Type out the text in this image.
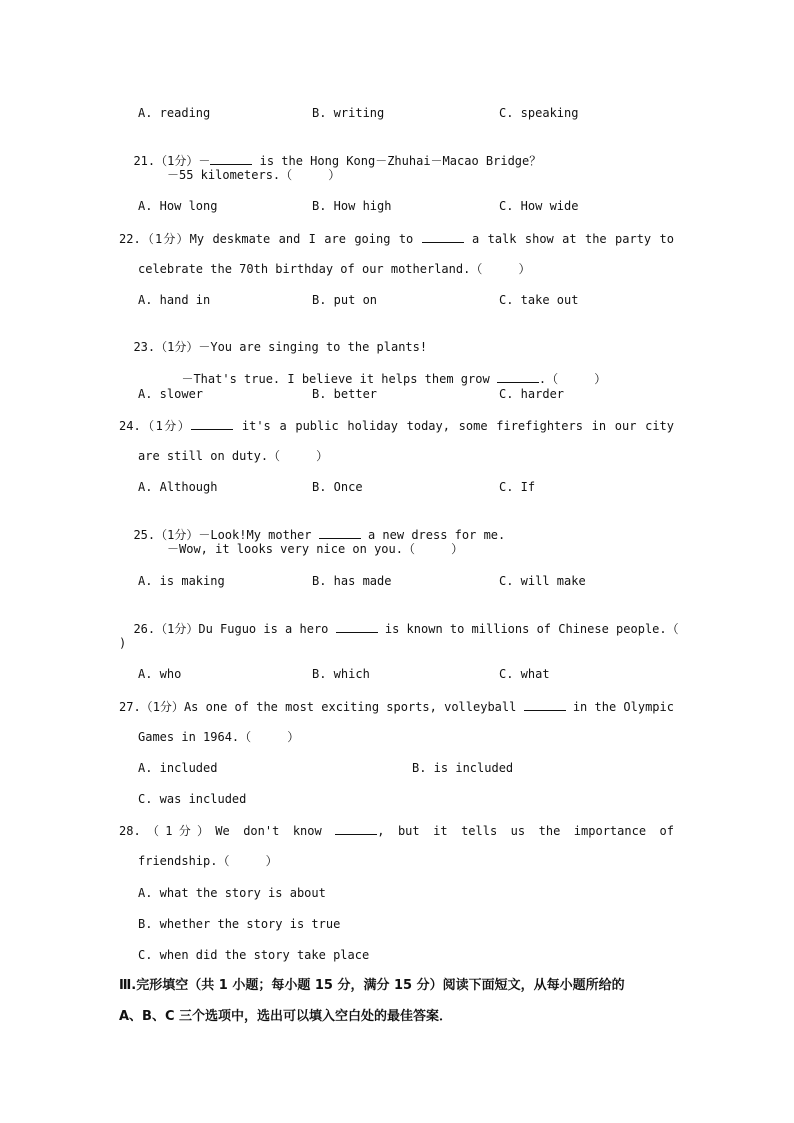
A. reading	B. writing	C. speaking

21.（1分）－	is the Hong Kong－Zhuhai－Macao Bridge？

－55 kilometers.（     ）
A. How long	B. How high	C. How wide
22.（1分）My deskmate and I are going to	a talk show at the party to
celebrate the 70th birthday of our motherland.（     ）
A. hand in	B. put on	C. take out

23.（1分）－You are singing to the plants!

－That's true. I believe it helps them grow	.（     ）

A. slower	B. better	C. harder
24.（1分）	it's a public holiday today, some firefighters in our city
are still on duty.（     ）
A. Although	B. Once	C. If

25.（1分）－Look!My mother	a new dress for me.

－Wow, it looks very nice on you.（     ）
A. is making	B. has made	C. will make

26.（1分）Du Fuguo is a hero	is known to millions of Chinese people.（

)
A. who	B. which	C. what
27.（1分）As one of the most exciting sports, volleyball	in the Olympic
Games in 1964.（     ）
A. included	B. is included
C. was included
28.（1分）We don't know	, but it tells us the importance of
friendship.（     ）
A. what the story is about
B. whether the story is true
C. when did the story take place
Ⅲ.完形填空（共 1 小题；每小题 15 分，满分 15 分）阅读下面短文，从每小题所给的
A、B、C 三个选项中，选出可以填入空白处的最佳答案．
